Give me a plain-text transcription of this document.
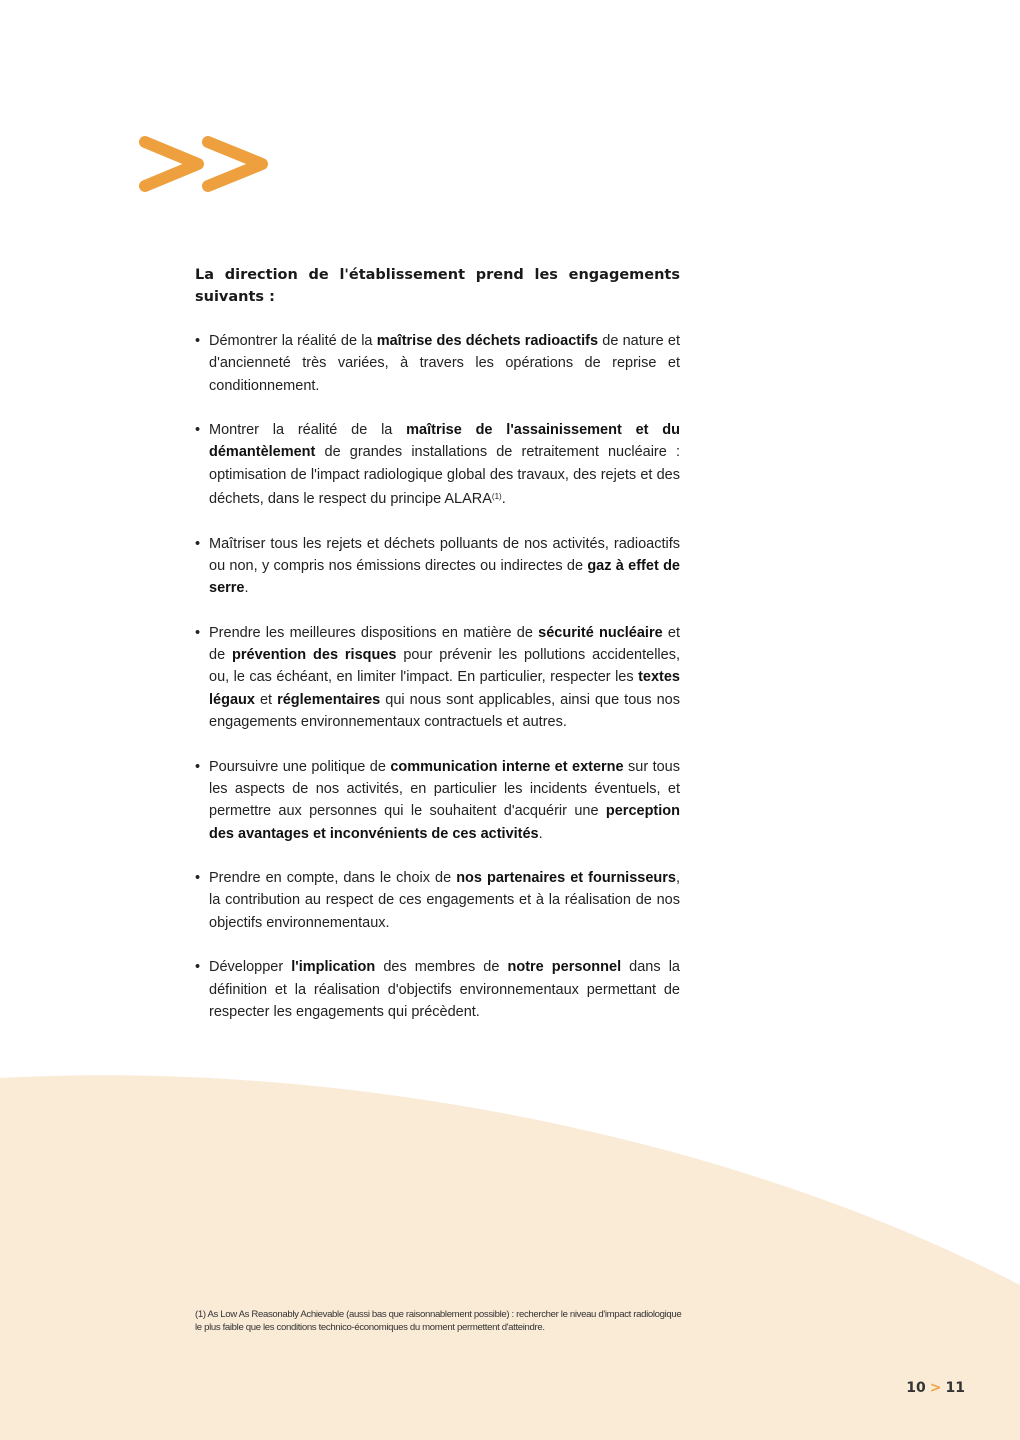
La direction de l'établissement prend les engagements suivants :

• Démontrer la réalité de la maîtrise des déchets radioactifs de nature et d'ancienneté très variées, à travers les opérations de reprise et conditionnement.
• Montrer la réalité de la maîtrise de l'assainissement et du démantèlement de grandes installations de retraitement nucléaire : optimisation de l'impact radiologique global des travaux, des rejets et des déchets, dans le respect du principe ALARA$^{(1)}$.
• Maîtriser tous les rejets et déchets polluants de nos activités, radioactifs ou non, y compris nos émissions directes ou indirectes de gaz à effet de serre.
• Prendre les meilleures dispositions en matière de sécurité nucléaire et de prévention des risques pour prévenir les pollutions accidentelles, ou, le cas échéant, en limiter l'impact. En particulier, respecter les textes légaux et réglementaires qui nous sont applicables, ainsi que tous nos engagements environnementaux contractuels et autres.
• Poursuivre une politique de communication interne et externe sur tous les aspects de nos activités, en particulier les incidents éventuels, et permettre aux personnes qui le souhaitent d'acquérir une perception des avantages et inconvénients de ces activités.
• Prendre en compte, dans le choix de nos partenaires et fournisseurs, la contribution au respect de ces engagements et à la réalisation de nos objectifs environnementaux.
• Développer l'implication des membres de notre personnel dans la définition et la réalisation d'objectifs environnementaux permettant de respecter les engagements qui précèdent.
(1) As Low As Reasonably Achievable (aussi bas que raisonnablement possible) : rechercher le niveau d'impact radiologique le plus faible que les conditions technico-économiques du moment permettent d'atteindre.
10 > 11
